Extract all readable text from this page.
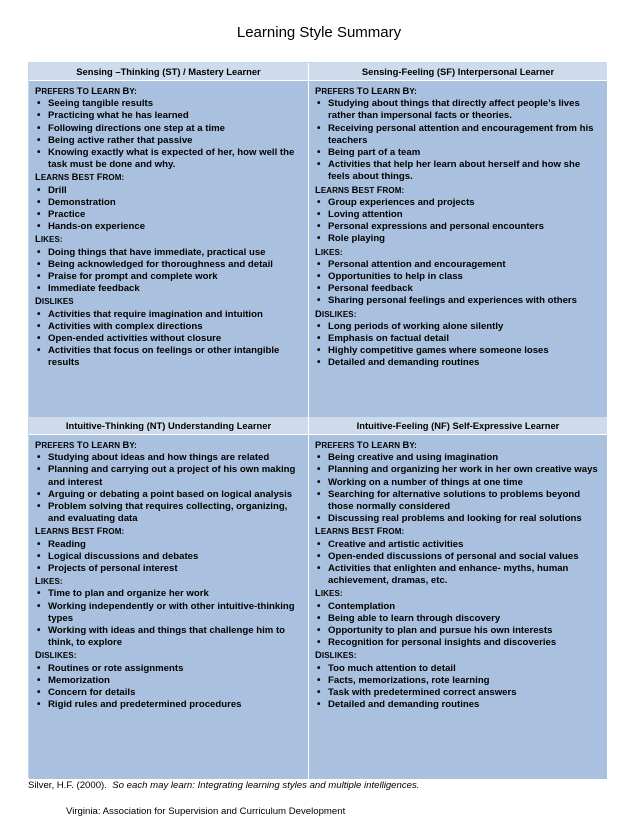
Learning Style Summary
Sensing –Thinking (ST) / Mastery Learner	Sensing-Feeling (SF) Interpersonal Learner
PREFERS TO LEARN BY:
• Seeing tangible results
• Practicing what he has learned
• Following directions one step at a time
• Being active rather that passive
• Knowing exactly what is expected of her, how well the task must be done and why.
LEARNS BEST FROM:
• Drill
• Demonstration
• Practice
• Hands-on experience
LIKES:
• Doing things that have immediate, practical use
• Being acknowledged for thoroughness and detail
• Praise for prompt and complete work
• Immediate feedback
DISLIKES
• Activities that require imagination and intuition
• Activities with complex directions
• Open-ended activities without closure
• Activities that focus on feelings or other intangible results
PREFERS TO LEARN BY:
• Studying about things that directly affect people’s lives rather than impersonal facts or theories.
• Receiving personal attention and encouragement from his teachers
• Being part of a team
• Activities that help her learn about herself and how she feels about things.
LEARNS BEST FROM:
• Group experiences and projects
• Loving attention
• Personal expressions and personal encounters
• Role playing
LIKES:
• Personal attention and encouragement
• Opportunities to help in class
• Personal feedback
• Sharing personal feelings and experiences with others
DISLIKES:
• Long periods of working alone silently
• Emphasis on factual detail
• Highly competitive games where someone loses
• Detailed and demanding routines
Intuitive-Thinking (NT) Understanding Learner	Intuitive-Feeling (NF) Self-Expressive Learner
PREFERS TO LEARN BY:
• Studying about ideas and how things are related
• Planning and carrying out a project of his own making and interest
• Arguing or debating a point based on logical analysis
• Problem solving that requires collecting, organizing, and evaluating data
LEARNS BEST FROM:
• Reading
• Logical discussions and debates
• Projects of personal interest
LIKES:
• Time to plan and organize her work
• Working independently or with other intuitive-thinking types
• Working with ideas and things that challenge him to think, to explore
DISLIKES:
• Routines or rote assignments
• Memorization
• Concern for details
• Rigid rules and predetermined procedures
PREFERS TO LEARN BY:
• Being creative and using imagination
• Planning and organizing her work in her own creative ways
• Working on a number of things at one time
• Searching for alternative solutions to problems beyond those normally considered
• Discussing real problems and looking for real solutions
LEARNS BEST FROM:
• Creative and artistic activities
• Open-ended discussions of personal and social values
• Activities that enlighten and enhance- myths, human achievement, dramas, etc.
LIKES:
• Contemplation
• Being able to learn through discovery
• Opportunity to plan and pursue his own interests
• Recognition for personal insights and discoveries
DISLIKES:
• Too much attention to detail
• Facts, memorizations, rote learning
• Task with predetermined correct answers
• Detailed and demanding routines
Silver, H.F. (2000). So each may learn: Integrating learning styles and multiple intelligences.
Virginia: Association for Supervision and Curriculum Development
